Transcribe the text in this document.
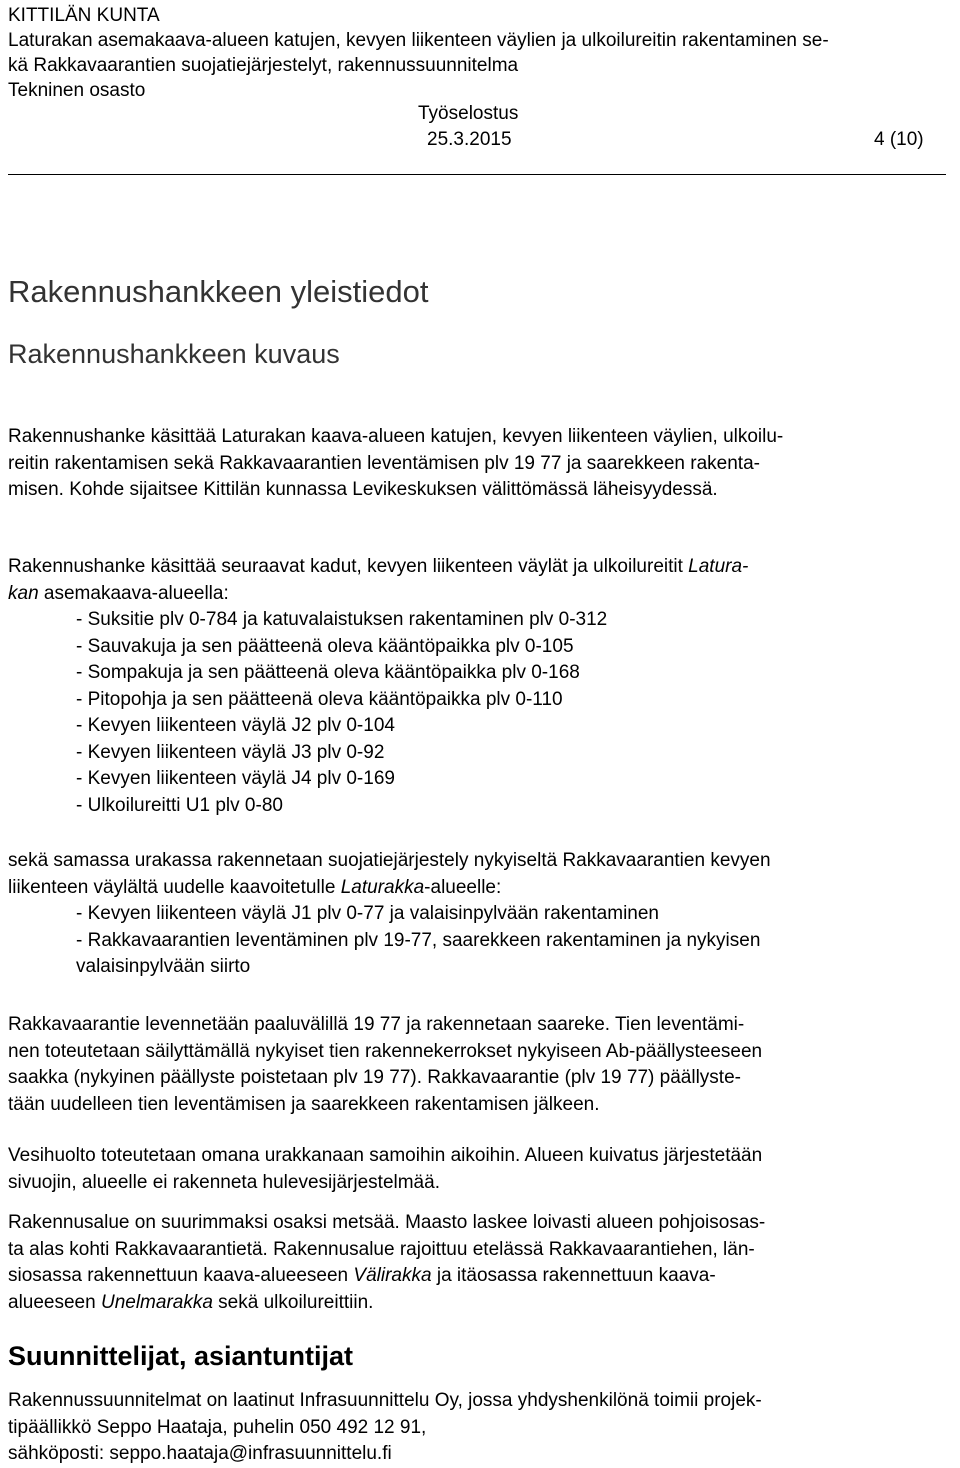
KITTILÄN KUNTA
Laturakan asemakaava-alueen katujen, kevyen liikenteen väylien ja ulkoilureitin rakentaminen se-
kä Rakkavaarantien suojatiejärjestelyt, rakennussuunnitelma
Tekninen osasto
Työselostus
25.3.2015	4 (10)
Rakennushankkeen yleistiedot
Rakennushankkeen kuvaus
Rakennushanke käsittää Laturakan kaava-alueen katujen, kevyen liikenteen väylien, ulkoilu-
reitin rakentamisen sekä Rakkavaarantien leventämisen plv 19 77 ja saarekkeen rakenta-
misen. Kohde sijaitsee Kittilän kunnassa Levikeskuksen välittömässä läheisyydessä.
Rakennushanke käsittää seuraavat kadut, kevyen liikenteen väylät ja ulkoilureitit Latura-
kan asemakaava-alueella:
- Suksitie plv 0-784 ja katuvalaistuksen rakentaminen plv 0-312
- Sauvakuja ja sen päätteenä oleva kääntöpaikka plv 0-105
- Sompakuja ja sen päätteenä oleva kääntöpaikka plv 0-168
- Pitopohja ja sen päätteenä oleva kääntöpaikka plv 0-110
- Kevyen liikenteen väylä J2 plv 0-104
- Kevyen liikenteen väylä J3 plv 0-92
- Kevyen liikenteen väylä J4 plv 0-169
- Ulkoilureitti U1 plv 0-80
sekä samassa urakassa rakennetaan suojatiejärjestely nykyiseltä Rakkavaarantien kevyen
liikenteen väylältä uudelle kaavoitetulle Laturakka-alueelle:
- Kevyen liikenteen väylä J1 plv 0-77 ja valaisinpylvään rakentaminen
- Rakkavaarantien leventäminen plv 19-77, saarekkeen rakentaminen ja nykyisen
valaisinpylvään siirto
Rakkavaarantie levennetään paaluvälillä 19 77 ja rakennetaan saareke. Tien leventämi-
nen toteutetaan säilyttämällä nykyiset tien rakennekerrokset nykyiseen Ab-päällysteeseen
saakka (nykyinen päällyste poistetaan plv 19 77). Rakkavaarantie (plv 19 77) päällyste-
tään uudelleen tien leventämisen ja saarekkeen rakentamisen jälkeen.
Vesihuolto toteutetaan omana urakkanaan samoihin aikoihin. Alueen kuivatus järjestetään
sivuojin, alueelle ei rakenneta hulevesijärjestelmää.
Rakennusalue on suurimmaksi osaksi metsää. Maasto laskee loivasti alueen pohjoisosas-
ta alas kohti Rakkavaarantietä. Rakennusalue rajoittuu etelässä Rakkavaarantiehen, län-
siosassa rakennettuun kaava-alueeseen Välirakka ja itäosassa rakennettuun kaava-
alueeseen Unelmarakka sekä ulkoilureittiin.
Suunnittelijat, asiantuntijat
Rakennussuunnitelmat on laatinut Infrasuunnittelu Oy, jossa yhdyshenkilönä toimii projek-
tipäällikkö Seppo Haataja, puhelin 050 492 12 91,
sähköposti: seppo.haataja@infrasuunnittelu.fi
